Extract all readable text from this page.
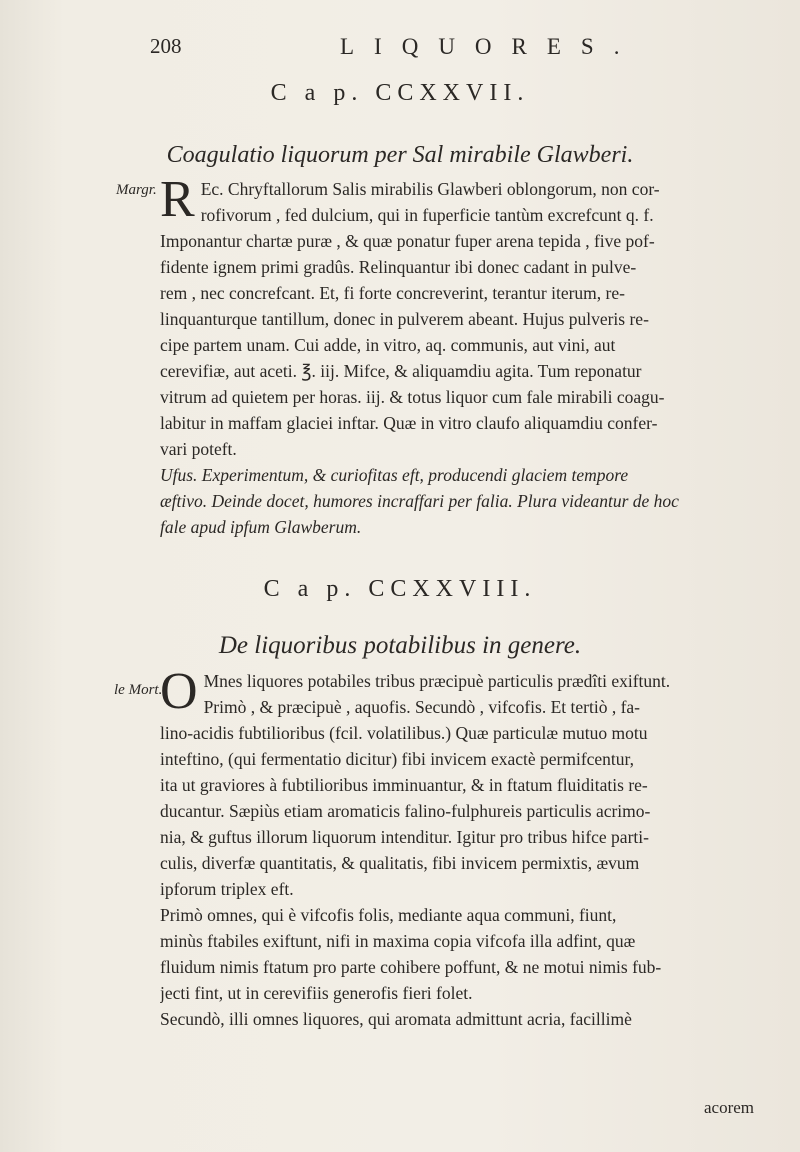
208	LIQUORES.
C a p. CCXXVII.
Coagulatio liquorum per Sal mirabile Glawberi.
Margr. R Ec. Chryftallorum Salis mirabilis Glawberi oblongorum, non cor-
rofivorum , fed dulcium, qui in fuperficie tantùm excrefcunt q. f.
Imponantur chartæ puræ , & quæ ponatur fuper arena tepida , five pof-
fidente ignem primi gradûs. Relinquantur ibi donec cadant in pulve-
rem , nec concrefcant. Et, fi forte concreverint, terantur iterum, re-
linquanturque tantillum, donec in pulverem abeant. Hujus pulveris re-
cipe partem unam. Cui adde, in vitro, aq. communis, aut vini, aut
cerevifiæ, aut aceti. ℥. iij. Mifce, & aliquamdiu agita. Tum reponatur
vitrum ad quietem per horas. iij. & totus liquor cum fale mirabili coagu-
labitur in maffam glaciei inftar. Quæ in vitro claufo aliquamdiu confer-
vari poteft.
Ufus. Experimentum, & curiofitas eft, producendi glaciem tempore
æftivo. Deinde docet, humores incraffari per falia. Plura videantur de hoc
fale apud ipfum Glawberum.
C a p. CCXXVIII.
De liquoribus potabilibus in genere.
le Mort.
O Mnes liquores potabiles tribus præcipuè particulis prædîti exiftunt.
Primò , & præcipuè , aquofis. Secundò , vifcofis. Et tertiò , fa-
lino-acidis fubtilioribus (fcil. volatilibus.) Quæ particulæ mutuo motu
inteftino, (qui fermentatio dicitur) fibi invicem exactè permifcentur,
ita ut graviores à fubtilioribus imminuantur, & in ftatum fluiditatis re-
ducantur. Sæpiùs etiam aromaticis falino-fulphureis particulis acrimo-
nia, & guftus illorum liquorum intenditur. Igitur pro tribus hifce parti-
culis, diverfæ quantitatis, & qualitatis, fibi invicem permixtis, ævum
ipforum triplex eft.
Primò omnes, qui è vifcofis folis, mediante aqua communi, fiunt,
minùs ftabiles exiftunt, nifi in maxima copia vifcofa illa adfint, quæ
fluidum nimis ftatum pro parte cohibere poffunt, & ne motui nimis fub-
jecti fint, ut in cerevifiis generofis fieri folet.
Secundò, illi omnes liquores, qui aromata admittunt acria, facillimè
acorem
